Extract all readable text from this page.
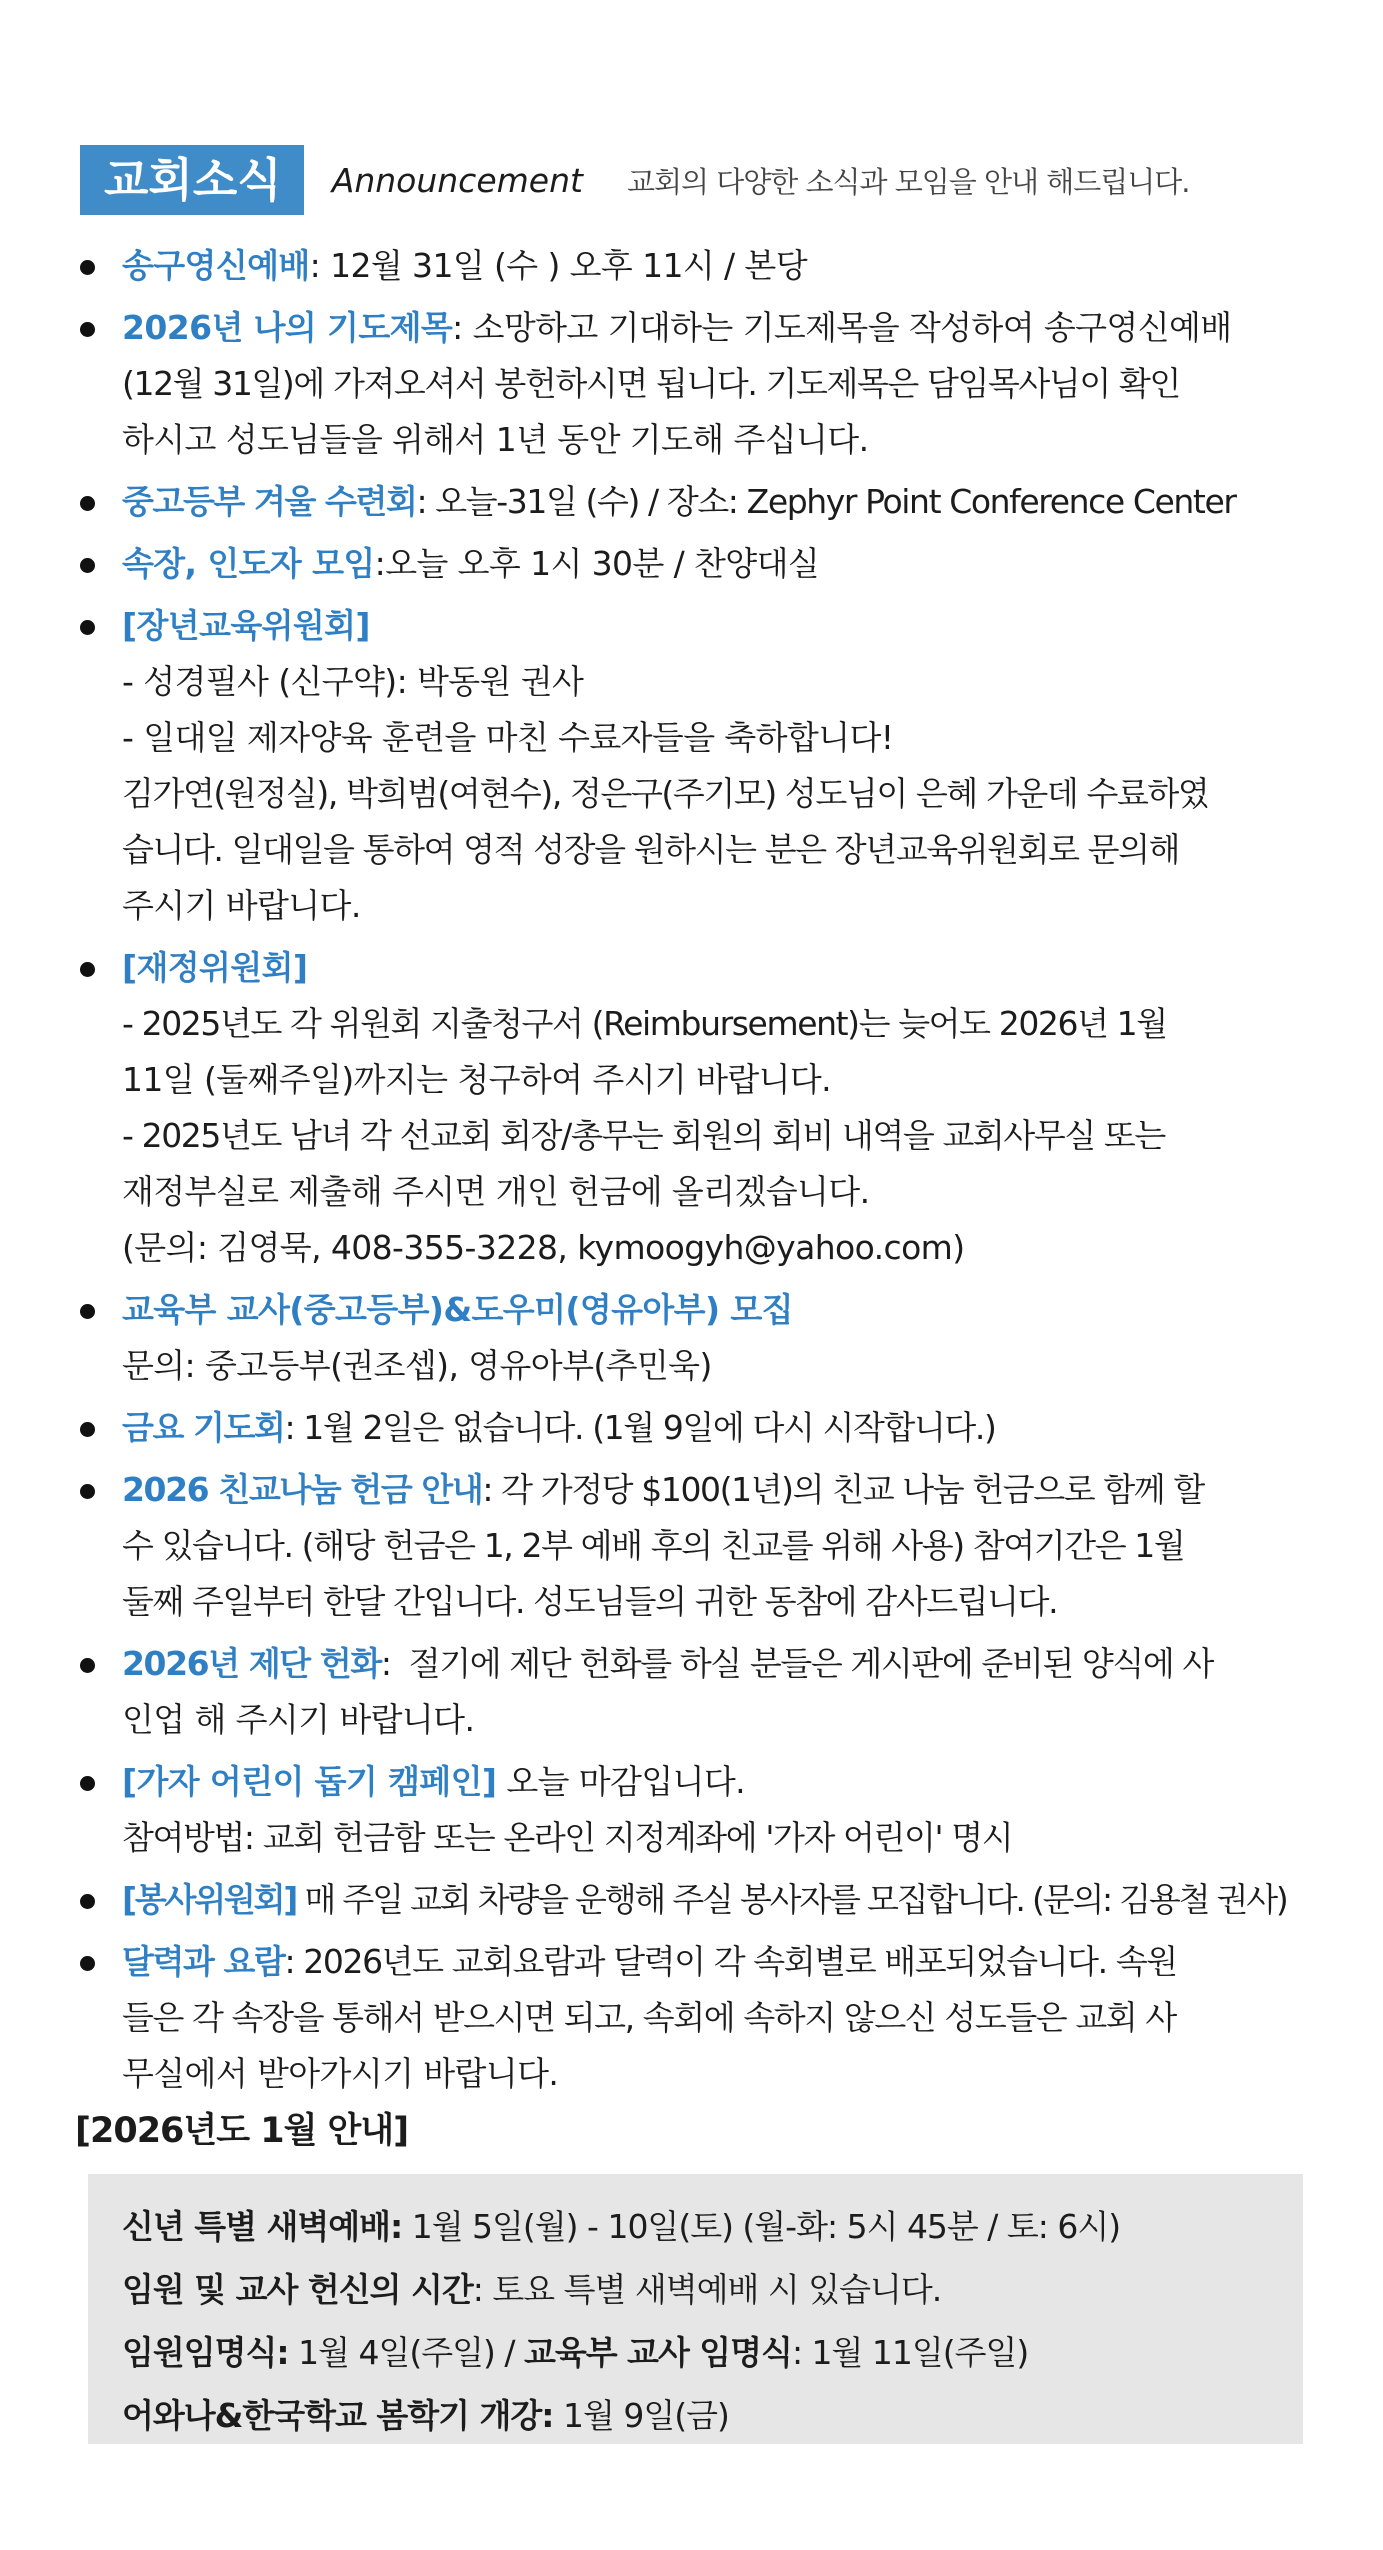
교회소식	Announcement 교회의 다양한 소식과 모임을 안내 해드립니다.
송구영신예배: 12월 31일 (수 ) 오후 11시 / 본당
2026년 나의 기도제목: 소망하고 기대하는 기도제목을 작성하여 송구영신예배
(12월 31일)에 가져오셔서 봉헌하시면 됩니다. 기도제목은 담임목사님이 확인
하시고 성도님들을 위해서 1년 동안 기도해 주십니다.
중고등부 겨울 수련회: 오늘-31일 (수) / 장소: Zephyr Point Conference Center
속장, 인도자 모임:오늘 오후 1시 30분 / 찬양대실
[장년교육위원회]
- 성경필사 (신구약): 박동원 권사
- 일대일 제자양육 훈련을 마친 수료자들을 축하합니다!
김가연(원정실), 박희범(여현수), 정은구(주기모) 성도님이 은혜 가운데 수료하였
습니다. 일대일을 통하여 영적 성장을 원하시는 분은 장년교육위원회로 문의해
주시기 바랍니다.
[재정위원회]
- 2025년도 각 위원회 지출청구서 (Reimbursement)는 늦어도 2026년 1월
11일 (둘째주일)까지는 청구하여 주시기 바랍니다.
- 2025년도 남녀 각 선교회 회장/총무는 회원의 회비 내역을 교회사무실 또는
재정부실로 제출해 주시면 개인 헌금에 올리겠습니다.
(문의: 김영묵, 408-355-3228, kymoogyh@yahoo.com)
교육부 교사(중고등부)&도우미(영유아부) 모집
문의: 중고등부(권조셉), 영유아부(추민욱)
금요 기도회: 1월 2일은 없습니다. (1월 9일에 다시 시작합니다.)
2026 친교나눔 헌금 안내: 각 가정당 $100(1년)의 친교 나눔 헌금으로 함께 할
수 있습니다. (해당 헌금은 1, 2부 예배 후의 친교를 위해 사용) 참여기간은 1월
둘째 주일부터 한달 간입니다. 성도님들의 귀한 동참에 감사드립니다.
2026년 제단 헌화:  절기에 제단 헌화를 하실 분들은 게시판에 준비된 양식에 사
인업 해 주시기 바랍니다.
[가자 어린이 돕기 캠페인] 오늘 마감입니다.
참여방법: 교회 헌금함 또는 온라인 지정계좌에 '가자 어린이' 명시
[봉사위원회] 매 주일 교회 차량을 운행해 주실 봉사자를 모집합니다. (문의: 김용철 권사)
달력과 요람: 2026년도 교회요람과 달력이 각 속회별로 배포되었습니다. 속원
들은 각 속장을 통해서 받으시면 되고, 속회에 속하지 않으신 성도들은 교회 사
무실에서 받아가시기 바랍니다.
[2026년도 1월 안내]
신년 특별 새벽예배: 1월 5일(월) - 10일(토) (월-화: 5시 45분 / 토: 6시)
임원 및 교사 헌신의 시간: 토요 특별 새벽예배 시 있습니다.
임원임명식: 1월 4일(주일) / 교육부 교사 임명식: 1월 11일(주일)
어와나&한국학교 봄학기 개강: 1월 9일(금)
